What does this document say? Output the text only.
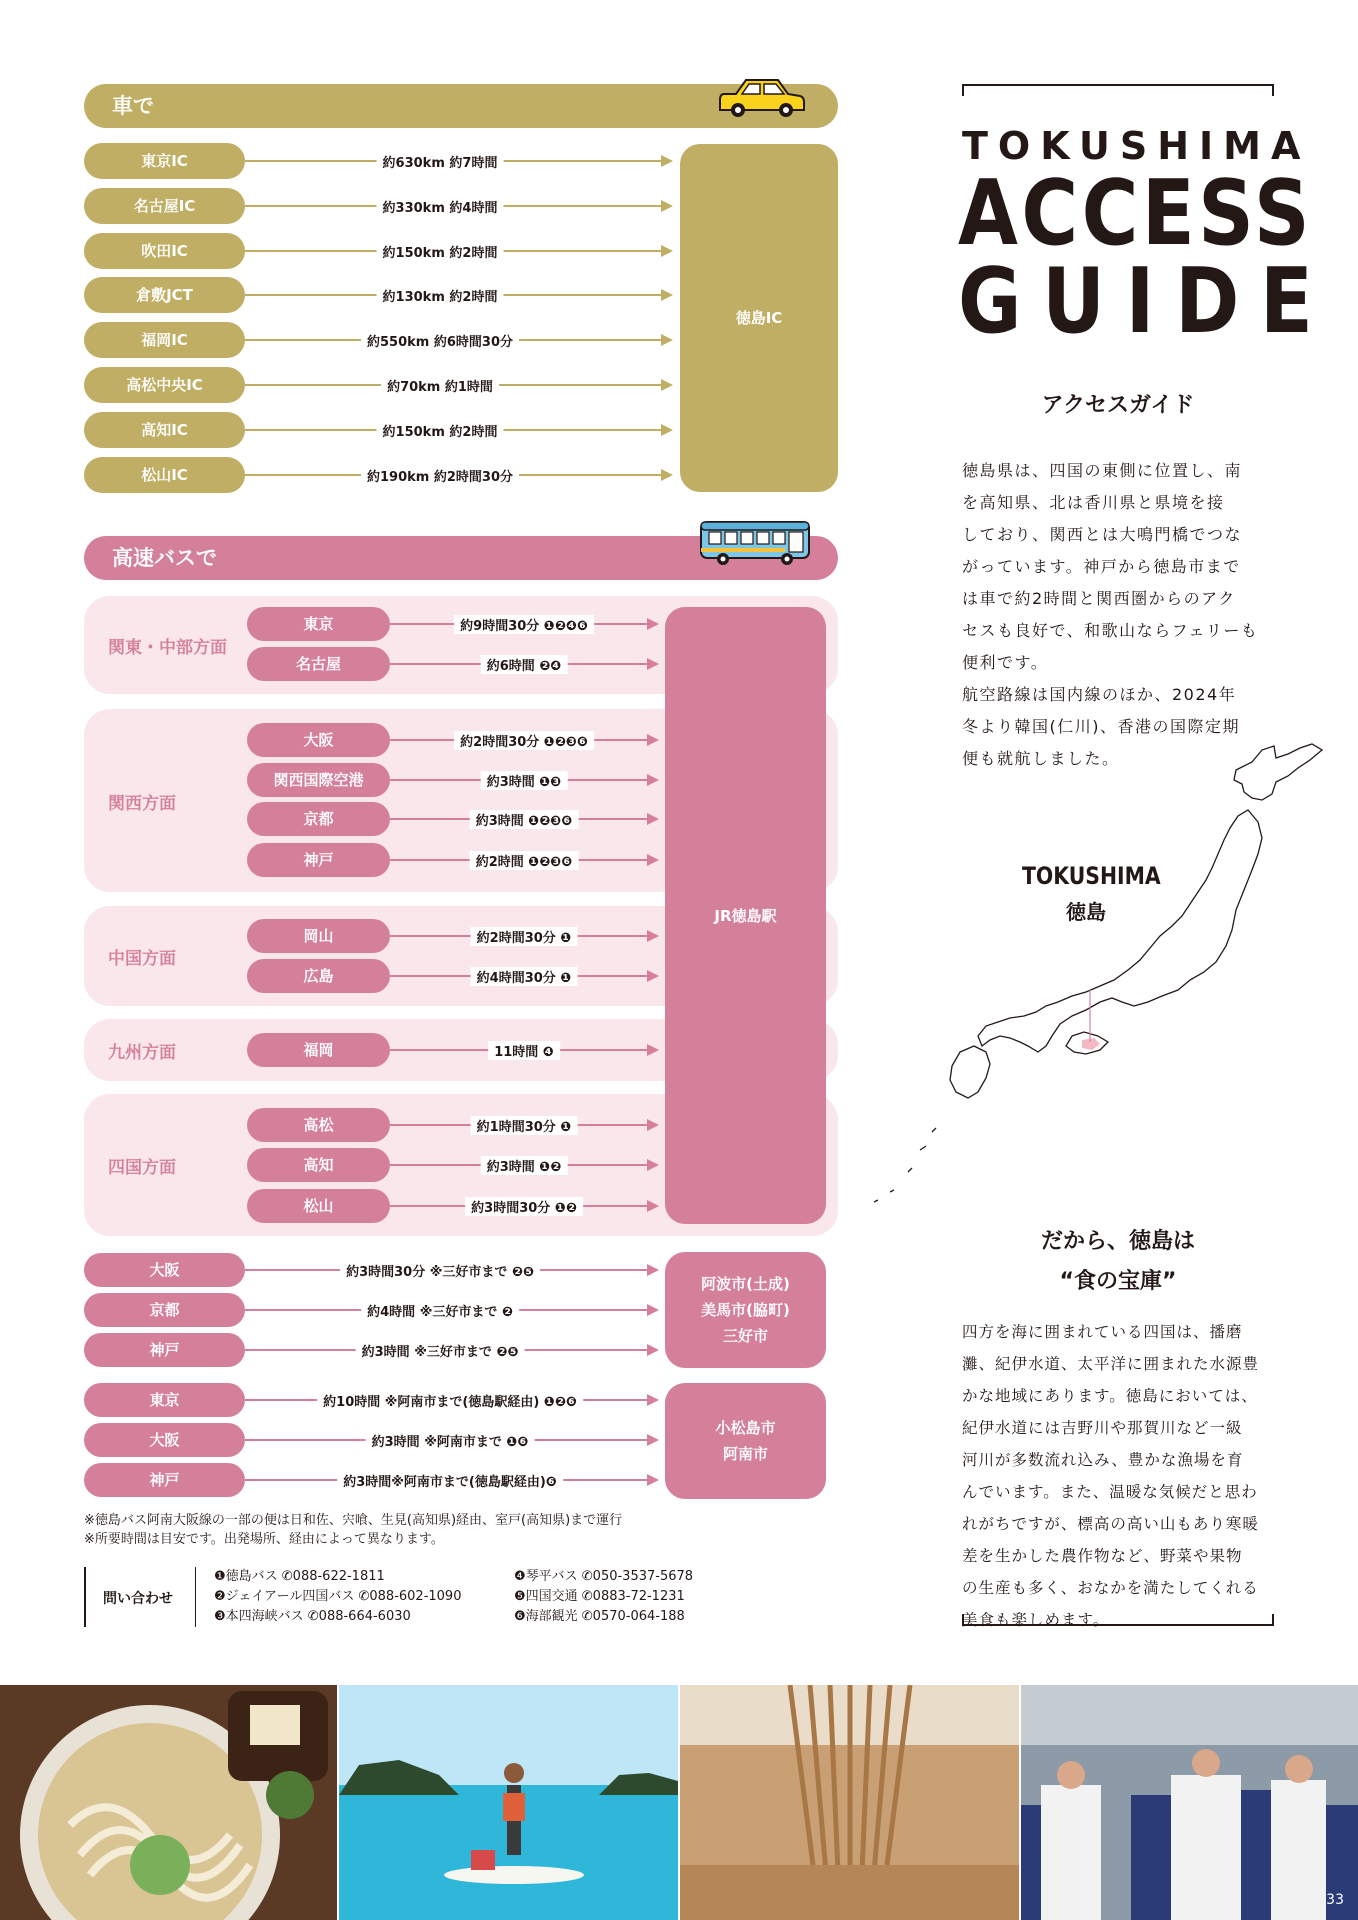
車で
東京IC	約630km 約7時間
名古屋IC	約330km 約4時間
吹田IC	約150km 約2時間
倉敷JCT	約130km 約2時間
福岡IC	約550km 約6時間30分
高松中央IC	約70km 約1時間
高知IC	約150km 約2時間
松山IC	約190km 約2時間30分
徳島IC
高速バスで
関東・中部方面
東京	約9時間30分 ❶❷❹❻
名古屋	約6時間 ❷❹
関西方面
大阪	約2時間30分 ❶❷❸❻
関西国際空港	約3時間 ❶❸
京都	約3時間 ❶❷❸❻
神戸	約2時間 ❶❷❸❻
中国方面
岡山	約2時間30分 ❶
広島	約4時間30分 ❶
九州方面	福岡	11時間 ❹
四国方面
高松	約1時間30分 ❶
高知	約3時間 ❶❷
松山	約3時間30分 ❶❷
JR徳島駅
大阪	約3時間30分 ※三好市まで ❷❺
京都	約4時間 ※三好市まで ❷
神戸	約3時間 ※三好市まで ❷❺
阿波市(土成)
美馬市(脇町)
三好市
東京	約10時間 ※阿南市まで(徳島駅経由) ❶❷❻
大阪	約3時間 ※阿南市まで ❶❻
神戸	約3時間※阿南市まで(徳島駅経由)❻
小松島市
阿南市
※徳島バス阿南大阪線の一部の便は日和佐、宍喰、生見(高知県)経由、室戸(高知県)まで運行
※所要時間は目安です。出発場所、経由によって異なります。
問い合わせ
❶徳島バス ✆088-622-1811
❷ジェイアール四国バス ✆088-602-1090
❸本四海峡バス ✆088-664-6030
❹琴平バス ✆050-3537-5678
❺四国交通 ✆0883-72-1231
❻海部観光 ✆0570-064-188
TOKUSHIMA
ACCESS
GUIDE
アクセスガイド
徳島県は、四国の東側に位置し、南
を高知県、北は香川県と県境を接
しており、関西とは大鳴門橋でつな
がっています。神戸から徳島市まで
は車で約2時間と関西圏からのアク
セスも良好で、和歌山ならフェリーも
便利です。
航空路線は国内線のほか、2024年
冬より韓国(仁川)、香港の国際定期
便も就航しました。
TOKUSHIMA
徳島
だから、徳島は
“食の宝庫”
四方を海に囲まれている四国は、播磨
灘、紀伊水道、太平洋に囲まれた水源豊
かな地域にあります。徳島においては、
紀伊水道には吉野川や那賀川など一級
河川が多数流れ込み、豊かな漁場を育
んでいます。また、温暖な気候だと思わ
れがちですが、標高の高い山もあり寒暖
差を生かした農作物など、野菜や果物
の生産も多く、おなかを満たしてくれる
美食も楽しめます。
33
